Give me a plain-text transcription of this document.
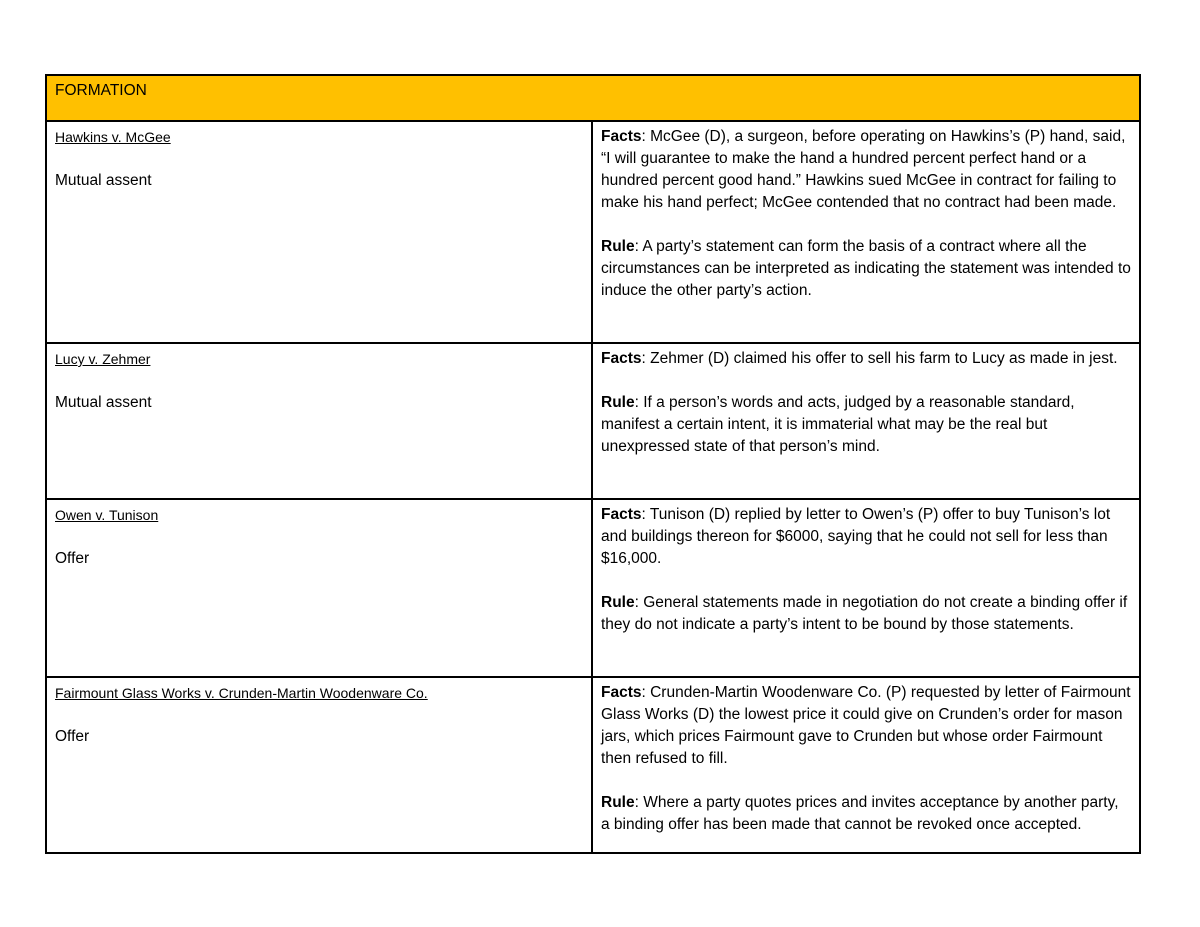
FORMATION	

Hawkins v. McGee
Mutual assent	Facts: McGee (D), a surgeon, before operating on Hawkins’s (P) hand, said, “I will guarantee to make the hand a hundred percent perfect hand or a hundred percent good hand.” Hawkins sued McGee in contract for failing to make his hand perfect; McGee contended that no contract had been made.
Rule: A party’s statement can form the basis of a contract where all the circumstances can be interpreted as indicating the statement was intended to induce the other party’s action.

Lucy v. Zehmer
Mutual assent	Facts: Zehmer (D) claimed his offer to sell his farm to Lucy as made in jest.
Rule: If a person’s words and acts, judged by a reasonable standard, manifest a certain intent, it is immaterial what may be the real but unexpressed state of that person’s mind.

Owen v. Tunison
Offer	Facts: Tunison (D) replied by letter to Owen’s (P) offer to buy Tunison’s lot and buildings thereon for $6000, saying that he could not sell for less than $16,000.
Rule: General statements made in negotiation do not create a binding offer if they do not indicate a party’s intent to be bound by those statements.

Fairmount Glass Works v. Crunden-Martin Woodenware Co.
Offer	Facts: Crunden-Martin Woodenware Co. (P) requested by letter of Fairmount Glass Works (D) the lowest price it could give on Crunden’s order for mason jars, which prices Fairmount gave to Crunden but whose order Fairmount then refused to fill.
Rule: Where a party quotes prices and invites acceptance by another party, a binding offer has been made that cannot be revoked once accepted.
